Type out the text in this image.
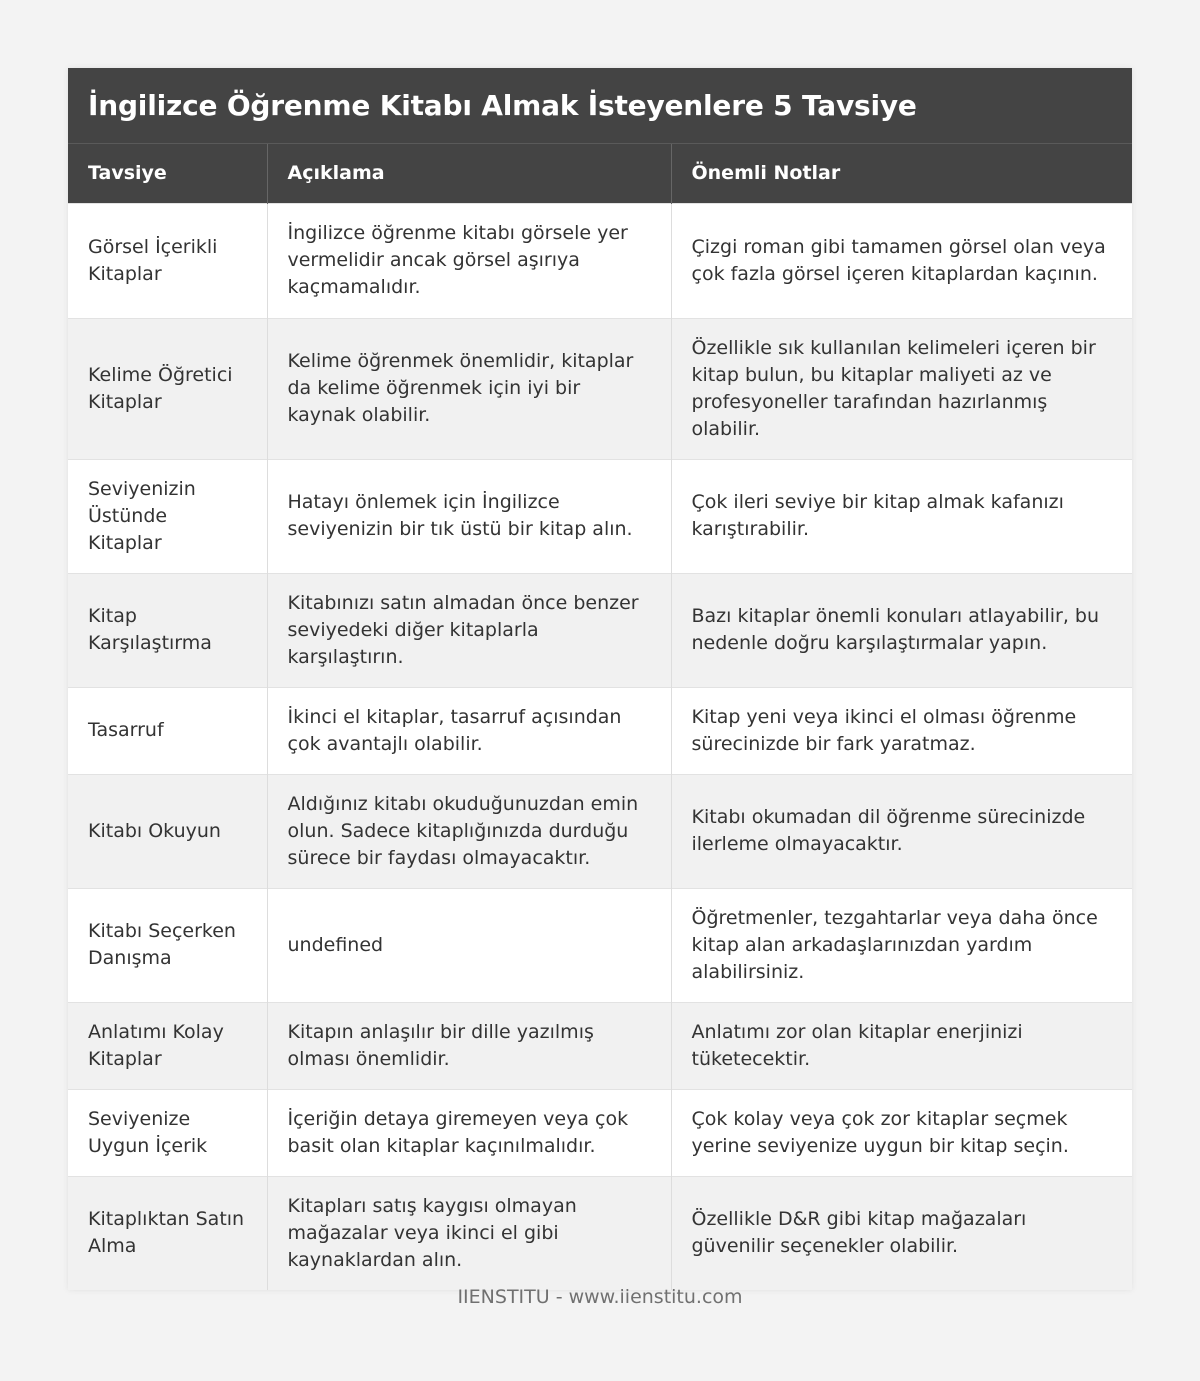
İngilizce Öğrenme Kitabı Almak İsteyenlere 5 Tavsiye
Tavsiye	Açıklama	Önemli Notlar
Görsel İçerikli Kitaplar	İngilizce öğrenme kitabı görsele yer vermelidir ancak görsel aşırıya kaçmamalıdır.	Çizgi roman gibi tamamen görsel olan veya çok fazla görsel içeren kitaplardan kaçının.
Kelime Öğretici Kitaplar	Kelime öğrenmek önemlidir, kitaplar da kelime öğrenmek için iyi bir kaynak olabilir.	Özellikle sık kullanılan kelimeleri içeren bir kitap bulun, bu kitaplar maliyeti az ve profesyoneller tarafından hazırlanmış olabilir.
Seviyenizin Üstünde Kitaplar	Hatayı önlemek için İngilizce seviyenizin bir tık üstü bir kitap alın.	Çok ileri seviye bir kitap almak kafanızı karıştırabilir.
Kitap Karşılaştırma	Kitabınızı satın almadan önce benzer seviyedeki diğer kitaplarla karşılaştırın.	Bazı kitaplar önemli konuları atlayabilir, bu nedenle doğru karşılaştırmalar yapın.
Tasarruf	İkinci el kitaplar, tasarruf açısından çok avantajlı olabilir.	Kitap yeni veya ikinci el olması öğrenme sürecinizde bir fark yaratmaz.
Kitabı Okuyun	Aldığınız kitabı okuduğunuzdan emin olun. Sadece kitaplığınızda durduğu sürece bir faydası olmayacaktır.	Kitabı okumadan dil öğrenme sürecinizde ilerleme olmayacaktır.
Kitabı Seçerken Danışma	undefined	Öğretmenler, tezgahtarlar veya daha önce kitap alan arkadaşlarınızdan yardım alabilirsiniz.
Anlatımı Kolay Kitaplar	Kitapın anlaşılır bir dille yazılmış olması önemlidir.	Anlatımı zor olan kitaplar enerjinizi tüketecektir.
Seviyenize Uygun İçerik	İçeriğin detaya giremeyen veya çok basit olan kitaplar kaçınılmalıdır.	Çok kolay veya çok zor kitaplar seçmek yerine seviyenize uygun bir kitap seçin.
Kitaplıktan Satın Alma	Kitapları satış kaygısı olmayan mağazalar veya ikinci el gibi kaynaklardan alın.	Özellikle D&R gibi kitap mağazaları güvenilir seçenekler olabilir.
IIENSTITU - www.iienstitu.com
